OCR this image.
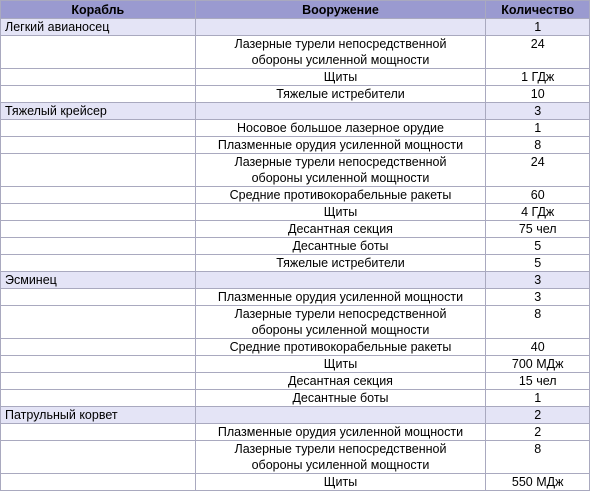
Корабль	Вооружение	Количество
Легкий авианосец		1

	Лазерные турели непосредственной
обороны усиленной мощности	24

	Щиты	1 ГДж

	Тяжелые истребители	10
Тяжелый крейсер		3

	Носовое большое лазерное орудие	1

	Плазменные орудия усиленной мощности	8

	Лазерные турели непосредственной
обороны усиленной мощности	24

	Средние противокорабельные ракеты	60

	Щиты	4 ГДж

	Десантная секция	75 чел

	Десантные боты	5

	Тяжелые истребители	5
Эсминец		3

	Плазменные орудия усиленной мощности	3

	Лазерные турели непосредственной
обороны усиленной мощности	8

	Средние противокорабельные ракеты	40

	Щиты	700 МДж

	Десантная секция	15 чел

	Десантные боты	1
Патрульный корвет		2

	Плазменные орудия усиленной мощности	2

	Лазерные турели непосредственной
обороны усиленной мощности	8

	Щиты	550 МДж
